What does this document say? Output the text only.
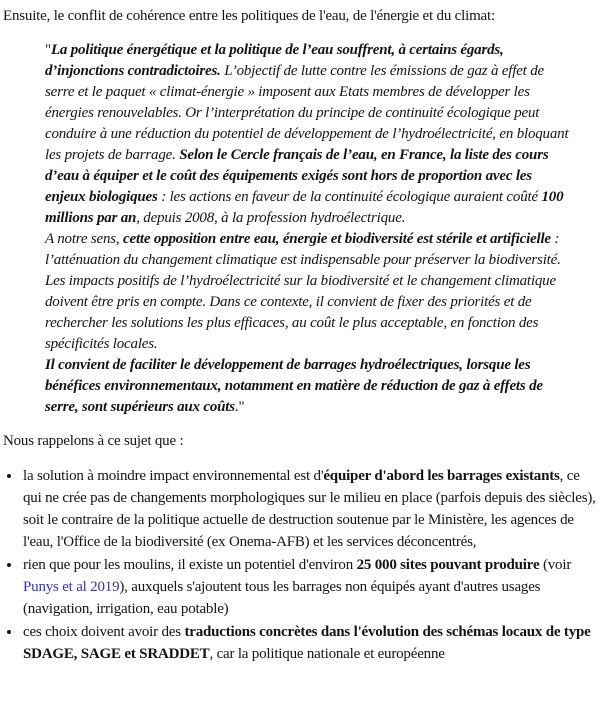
Ensuite, le conflit de cohérence entre les politiques de l'eau, de l'énergie et du climat:

"La politique énergétique et la politique de l’eau souffrent, à certains égards, d’injonctions contradictoires. L’objectif de lutte contre les émissions de gaz à effet de serre et le paquet « climat-énergie » imposent aux Etats membres de développer les énergies renouvelables. Or l’interprétation du principe de continuité écologique peut conduire à une réduction du potentiel de développement de l’hydroélectricité, en bloquant les projets de barrage. Selon le Cercle français de l’eau, en France, la liste des cours d’eau à équiper et le coût des équipements exigés sont hors de proportion avec les enjeux biologiques : les actions en faveur de la continuité écologique auraient coûté 100 millions par an, depuis 2008, à la profession hydroélectrique.

A notre sens, cette opposition entre eau, énergie et biodiversité est stérile et artificielle : l’atténuation du changement climatique est indispensable pour préserver la biodiversité. Les impacts positifs de l’hydroélectricité sur la biodiversité et le changement climatique doivent être pris en compte. Dans ce contexte, il convient de fixer des priorités et de rechercher les solutions les plus efficaces, au coût le plus acceptable, en fonction des spécificités locales.

Il convient de faciliter le développement de barrages hydroélectriques, lorsque les bénéfices environnementaux, notamment en matière de réduction de gaz à effets de serre, sont supérieurs aux coûts."

Nous rappelons à ce sujet que :

• la solution à moindre impact environnemental est d'équiper d'abord les barrages existants, ce qui ne crée pas de changements morphologiques sur le milieu en place (parfois depuis des siècles), soit le contraire de la politique actuelle de destruction soutenue par le Ministère, les agences de l'eau, l'Office de la biodiversité (ex Onema-AFB) et les services déconcentrés,
• rien que pour les moulins, il existe un potentiel d'environ 25 000 sites pouvant produire (voir Punys et al 2019), auxquels s'ajoutent tous les barrages non équipés ayant d'autres usages (navigation, irrigation, eau potable)
• ces choix doivent avoir des traductions concrètes dans l'évolution des schémas locaux de type SDAGE, SAGE et SRADDET, car la politique nationale et européenne
